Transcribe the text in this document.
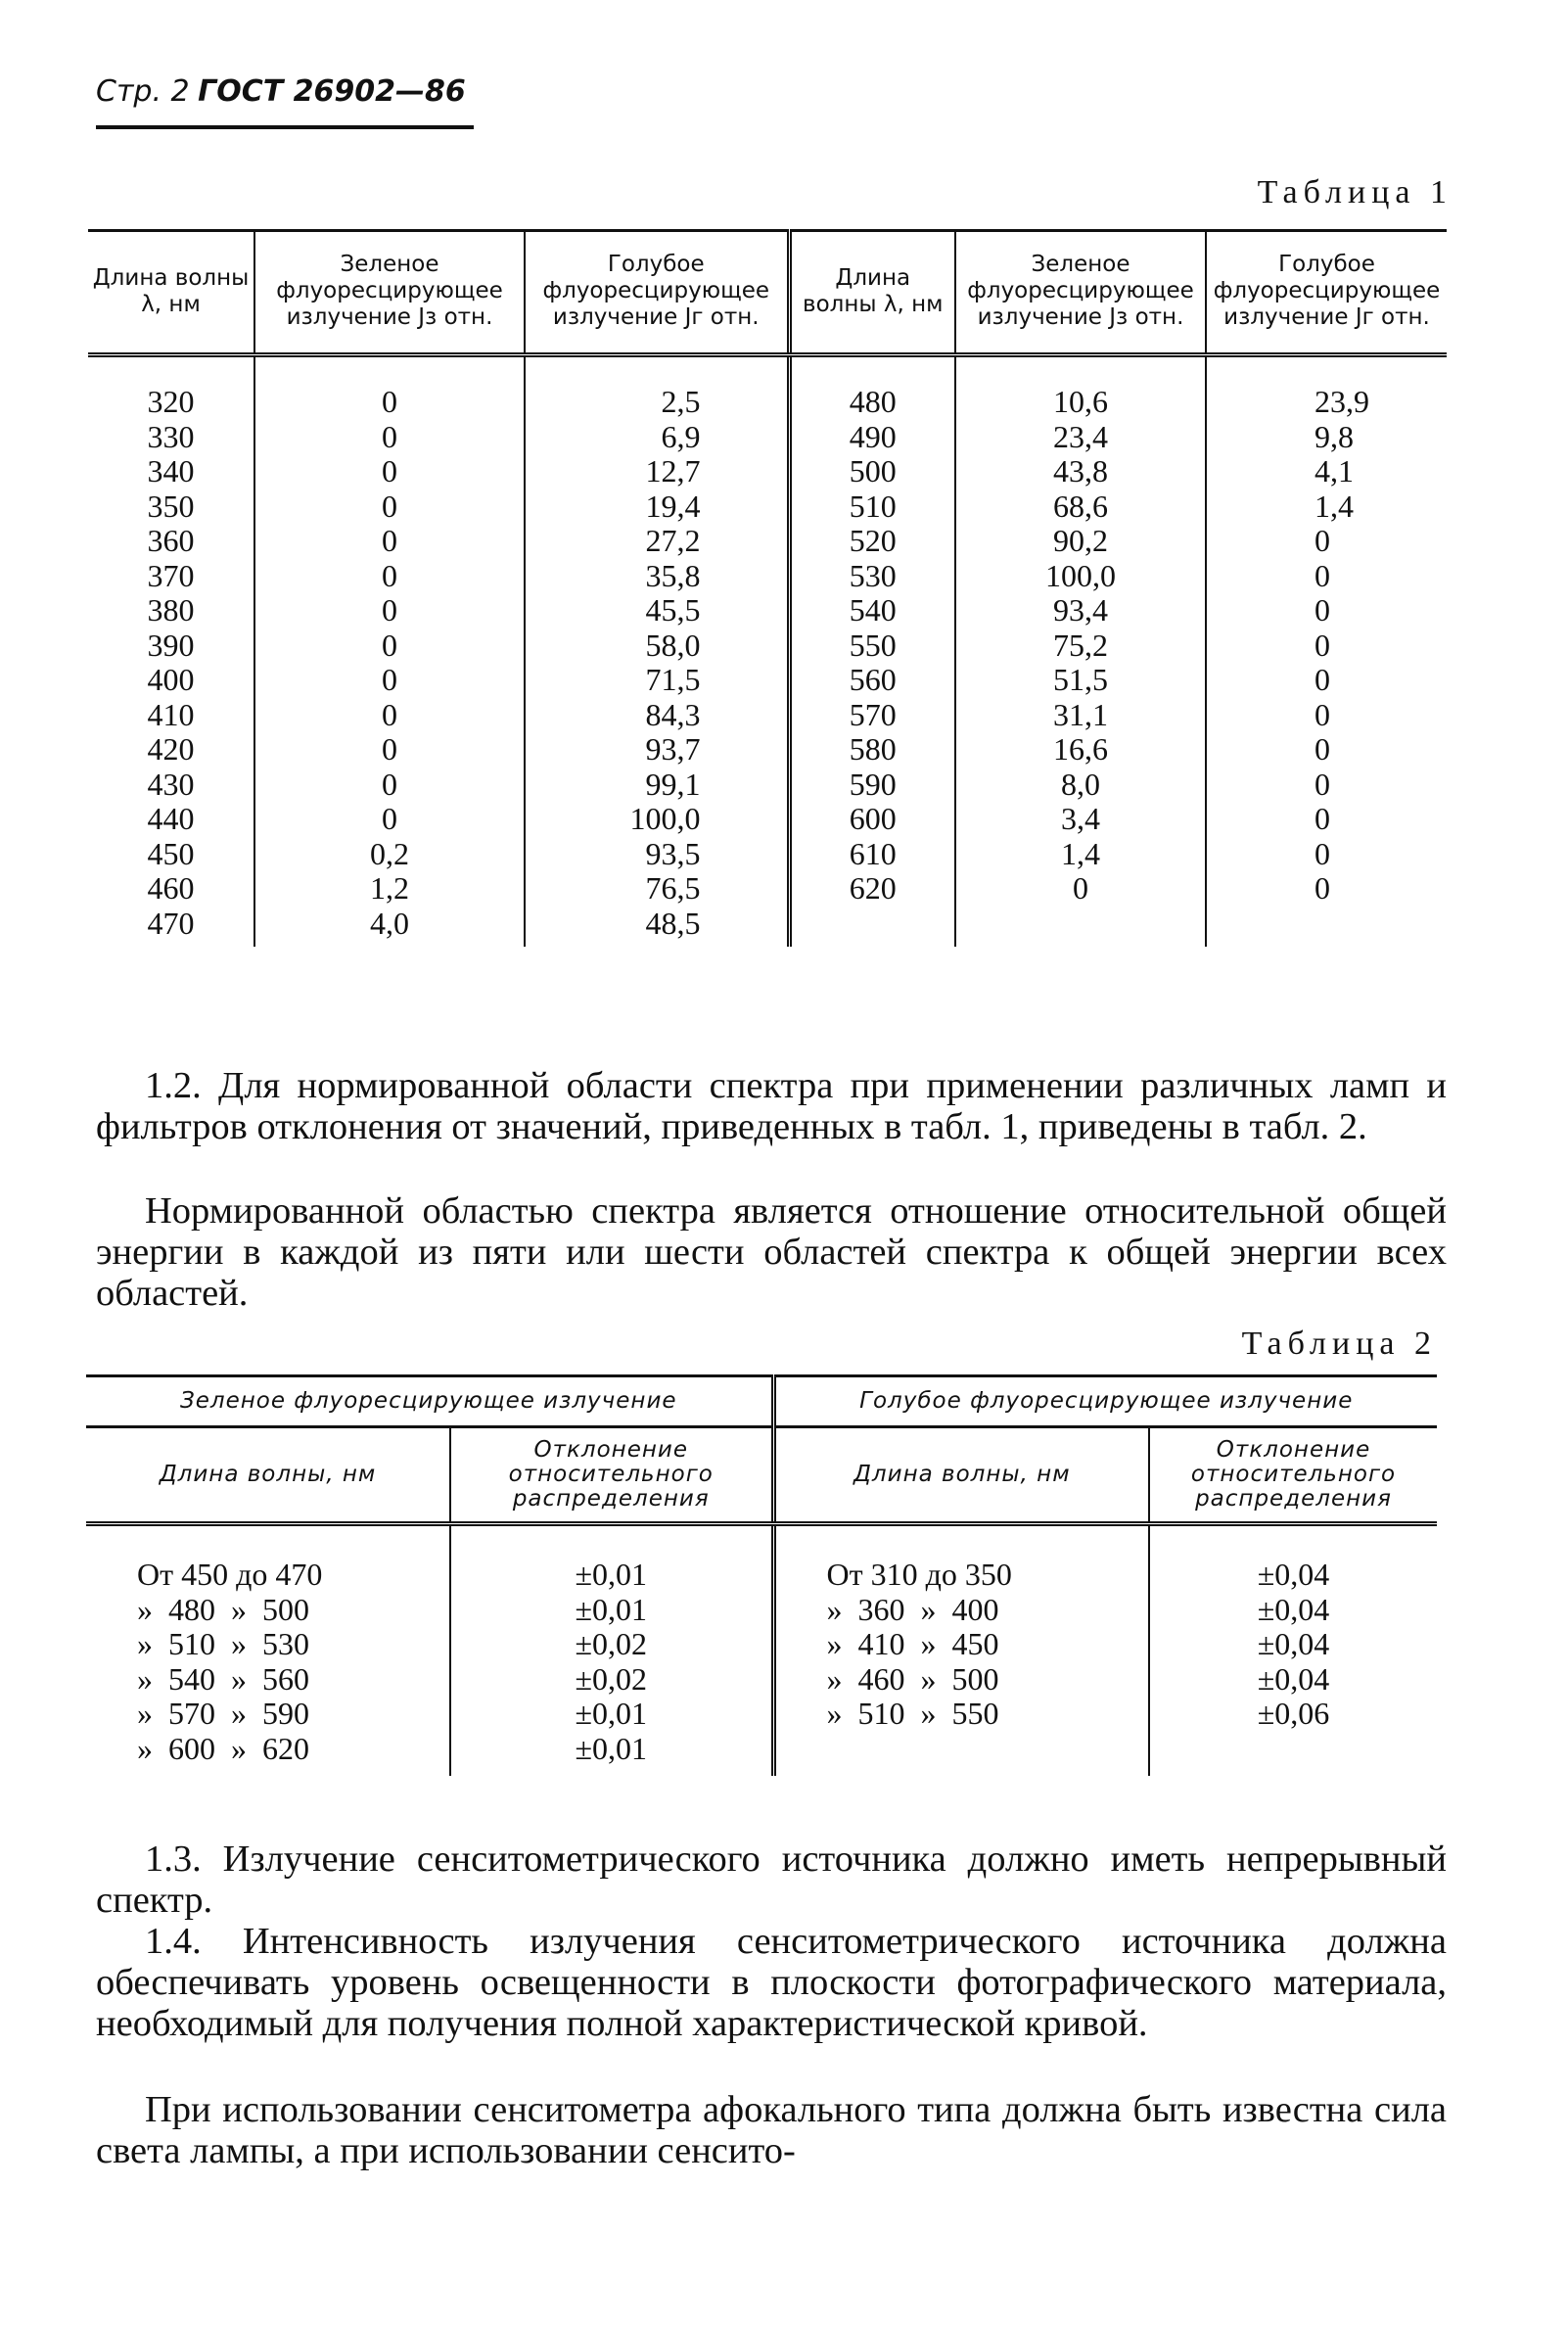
Стр. 2 ГОСТ 26902—86
Таблица 1
Длина волны λ, нм	Зеленое флуоресцирующее излучение Jз отн.	Голубое флуоресцирующее излучение Jг отн.	Длина волны λ, нм	Зеленое флуоресцирующее излучение Jз отн.	Голубое флуоресцирующее излучение Jг отн.
320	0	2,5	480	10,6	23,9
330	0	6,9	490	23,4	9,8
340	0	12,7	500	43,8	4,1
350	0	19,4	510	68,6	1,4
360	0	27,2	520	90,2	0
370	0	35,8	530	100,0	0
380	0	45,5	540	93,4	0
390	0	58,0	550	75,2	0
400	0	71,5	560	51,5	0
410	0	84,3	570	31,1	0
420	0	93,7	580	16,6	0
430	0	99,1	590	8,0	0
440	0	100,0	600	3,4	0
450	0,2	93,5	610	1,4	0
460	1,2	76,5	620	0	0
470	4,0	48,5			
1.2. Для нормированной области спектра при применении различных ламп и фильтров отклонения от значений, приведенных в табл. 1, приведены в табл. 2.
Нормированной областью спектра является отношение относительной общей энергии в каждой из пяти или шести областей спектра к общей энергии всех областей.
Таблица 2
Зеленое флуоресцирующее излучение		Голубое флуоресцирующее излучение	
Длина волны, нм	Отклонение относительного распределения	Длина волны, нм	Отклонение относительного распределения
От 450 до 470	±0,01	От 310 до 350	±0,04
»  480  »  500	±0,01	»  360  »  400	±0,04
»  510  »  530	±0,02	»  410  »  450	±0,04
»  540  »  560	±0,02	»  460  »  500	±0,04
»  570  »  590	±0,01	»  510  »  550	±0,06
»  600  »  620	±0,01		
1.3. Излучение сенситометрического источника должно иметь непрерывный спектр.
1.4. Интенсивность излучения сенситометрического источника должна обеспечивать уровень освещенности в плоскости фотографического материала, необходимый для получения полной характеристической кривой.
При использовании сенситометра афокального типа должна быть известна сила света лампы, а при использовании сенсито-
